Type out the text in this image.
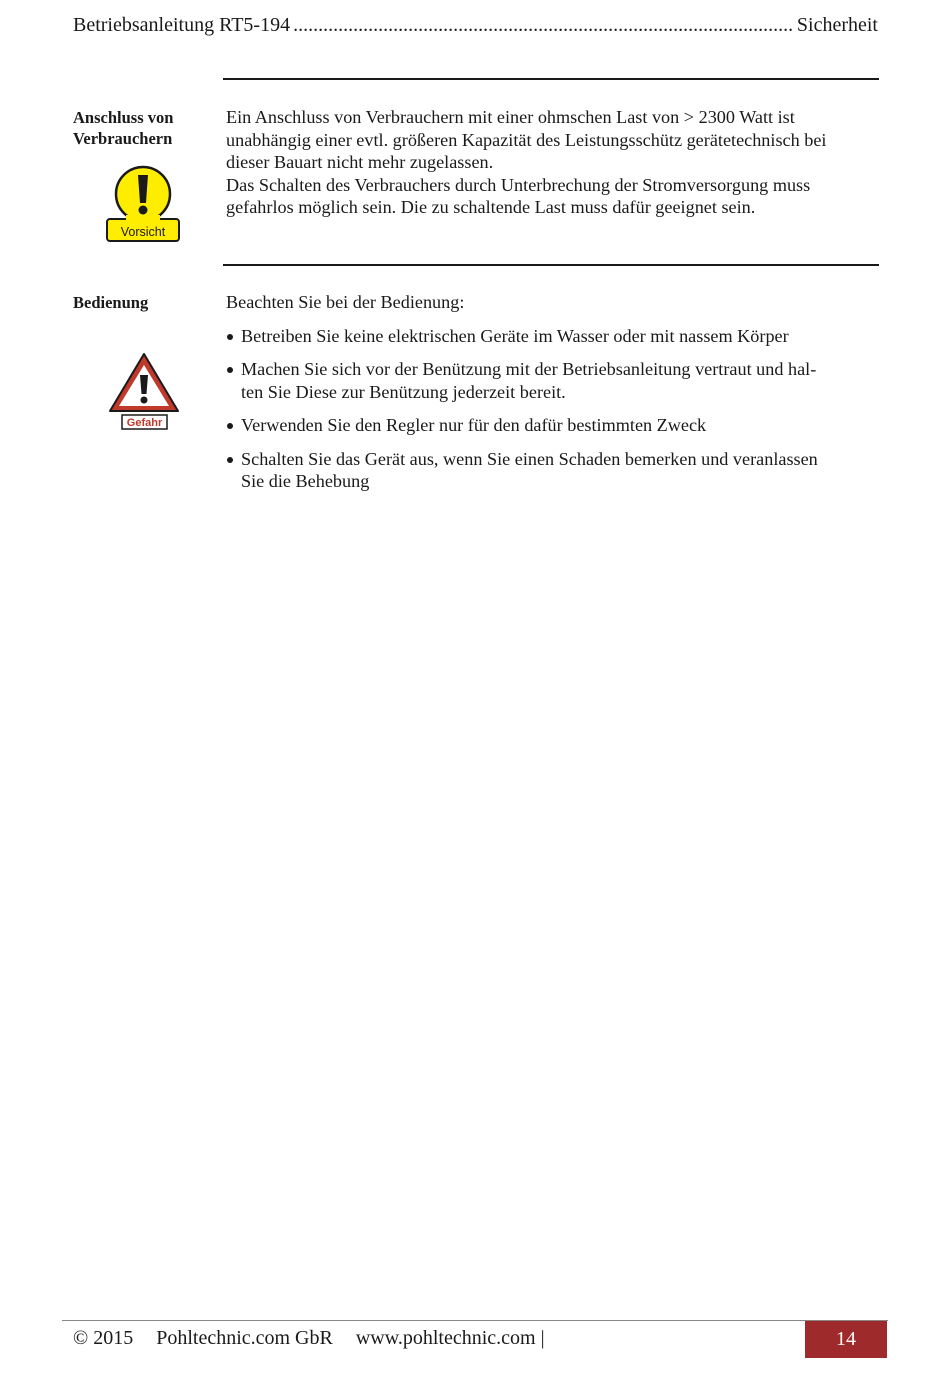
Betriebsanleitung RT5-194
.....	Sicherheit
Anschluss von
Verbrauchern
Vorsicht

Ein Anschluss von Verbrauchern mit einer ohmschen Last von > 2300 Watt ist

unabhängig einer evtl. größeren Kapazität des Leistungsschütz gerätetechnisch bei

dieser Bauart nicht mehr zugelassen.

Das Schalten des Verbrauchers durch Unterbrechung der Stromversorgung muss

gefahrlos möglich sein. Die zu schaltende Last muss dafür geeignet sein.

Bedienung
Gefahr

Beachten Sie bei der Bedienung:

Betreiben Sie keine elektrischen Geräte im Wasser oder mit nassem Körper
Machen Sie sich vor der Benützung mit der Betriebsanleitung vertraut und hal-
ten Sie Diese zur Benützung jederzeit bereit.
Verwenden Sie den Regler nur für den dafür bestimmten Zweck
Schalten Sie das Gerät aus, wenn Sie einen Schaden bemerken und veranlassen
Sie die Behebung
© 2015 Pohltechnic.com GbR www.pohltechnic.com |	14
